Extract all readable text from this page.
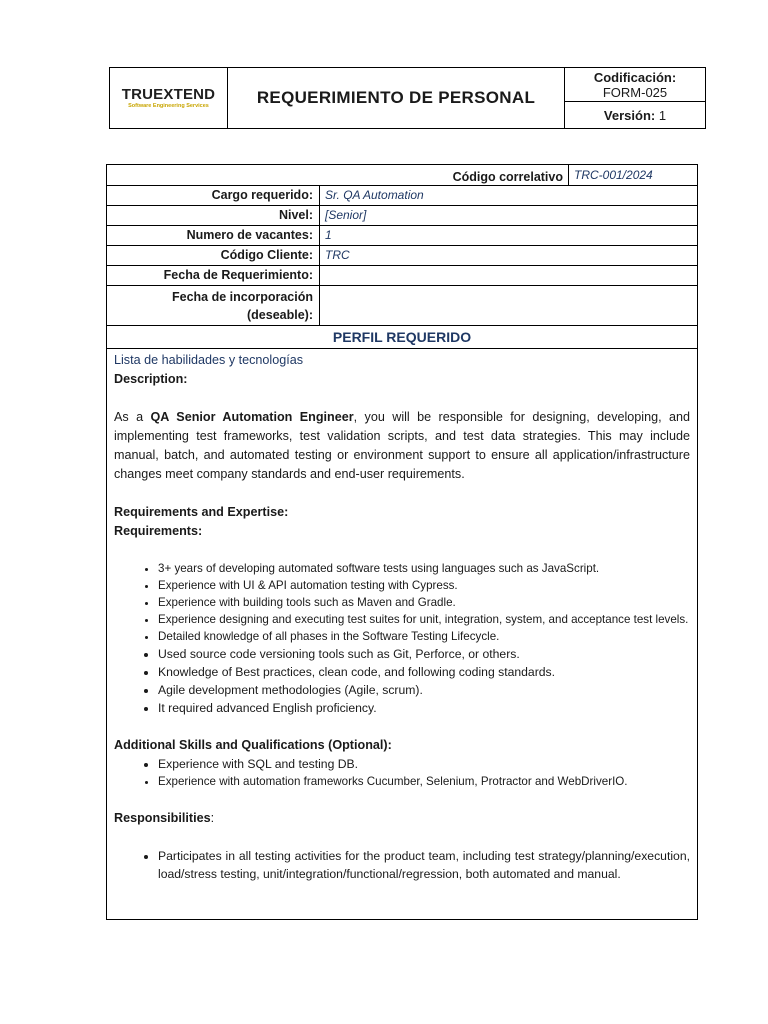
TRUEXTEND
Software Engineering Services	REQUERIMIENTO DE PERSONAL
Codificación:
FORM-025
Versión:
1
Código correlativo TRC-001/2024
Cargo requerido:	Sr. QA Automation
Nivel:	[Senior]
Numero de vacantes:	1
Código Cliente:	TRC
Fecha de Requerimiento:
Fecha de incorporación
(deseable):
PERFIL REQUERIDO

Lista de habilidades y tecnologías

Description:

As a QA Senior Automation Engineer, you will be responsible for designing, developing, and implementing test frameworks, test validation scripts, and test data strategies. This may include manual, batch, and automated testing or environment support to ensure all application/infrastructure changes meet company standards and end-user requirements.

Requirements and Expertise:

Requirements:

• 3+ years of developing automated software tests using languages such as JavaScript.
• Experience with UI & API automation testing with Cypress.
• Experience with building tools such as Maven and Gradle.
• Experience designing and executing test suites for unit, integration, system, and acceptance test levels.
• Detailed knowledge of all phases in the Software Testing Lifecycle.
• Used source code versioning tools such as Git, Perforce, or others.
• Knowledge of Best practices, clean code, and following coding standards.
• Agile development methodologies (Agile, scrum).
• It required advanced English proficiency.

Additional Skills and Qualifications (Optional):

• Experience with SQL and testing DB.
• Experience with automation frameworks Cucumber, Selenium, Protractor and WebDriverIO.

Responsibilities:

• Participates in all testing activities for the product team, including test strategy/planning/execution, load/stress testing, unit/integration/functional/regression, both automated and manual.
